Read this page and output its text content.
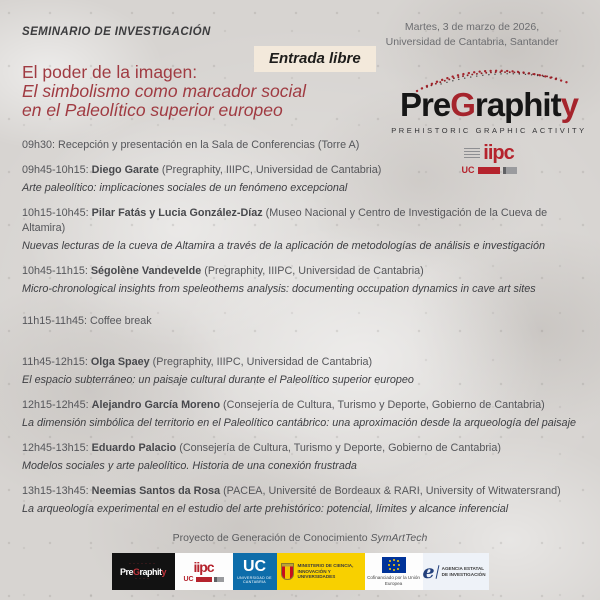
SEMINARIO DE INVESTIGACIÓN	Martes, 3 de marzo de 2026,
Universidad de Cantabria, Santander
Entrada libre
El poder de la imagen:
El simbolismo como marcador social
en el Paleolítico superior europeo	PreGraphity
PREHISTORIC GRAPHIC ACTIVITY
iipc
UC
09h30: Recepción y presentación en la Sala de Conferencias (Torre A)
09h45-10h15: Diego Garate (Pregraphity, IIIPC, Universidad de Cantabria)
Arte paleolítico: implicaciones sociales de un fenómeno excepcional
10h15-10h45: Pilar Fatás y Lucia González-Díaz (Museo Nacional y Centro de Investigación de la Cueva de Altamira)
Nuevas lecturas de la cueva de Altamira a través de la aplicación de metodologías de análisis e investigación
10h45-11h15: Ségolène Vandevelde (Pregraphity, IIIPC, Universidad de Cantabria)
Micro-chronological insights from speleothems analysis: documenting occupation dynamics in cave art sites
11h15-11h45: Coffee break
11h45-12h15: Olga Spaey (Pregraphity, IIIPC, Universidad de Cantabria)
El espacio subterráneo: un paisaje cultural durante el Paleolítico superior europeo
12h15-12h45: Alejandro García Moreno (Consejería de Cultura, Turismo y Deporte, Gobierno de Cantabria)
La dimensión simbólica del territorio en el Paleolítico cantábrico: una aproximación desde la arqueología del paisaje
12h45-13h15: Eduardo Palacio (Consejería de Cultura, Turismo y Deporte, Gobierno de Cantabria)
Modelos sociales y arte paleolítico. Historia de una conexión frustrada
13h15-13h45: Neemias Santos da Rosa (PACEA, Université de Bordeaux & RARI, University of Witwatersrand)
La arqueología experimental en el estudio del arte prehistórico: potencial, límites y alcance inferencial
Proyecto de Generación de Conocimiento SymArtTech
·······
PreGraphity
····
iipc
UC
UC
UNIVERSIDAD DE CANTABRIA
MINISTERIO DE CIENCIA, INNOVACIÓN Y UNIVERSIDADES	Cofinanciado por la Unión Europea
e AGENCIA ESTATAL DE INVESTIGACIÓN
